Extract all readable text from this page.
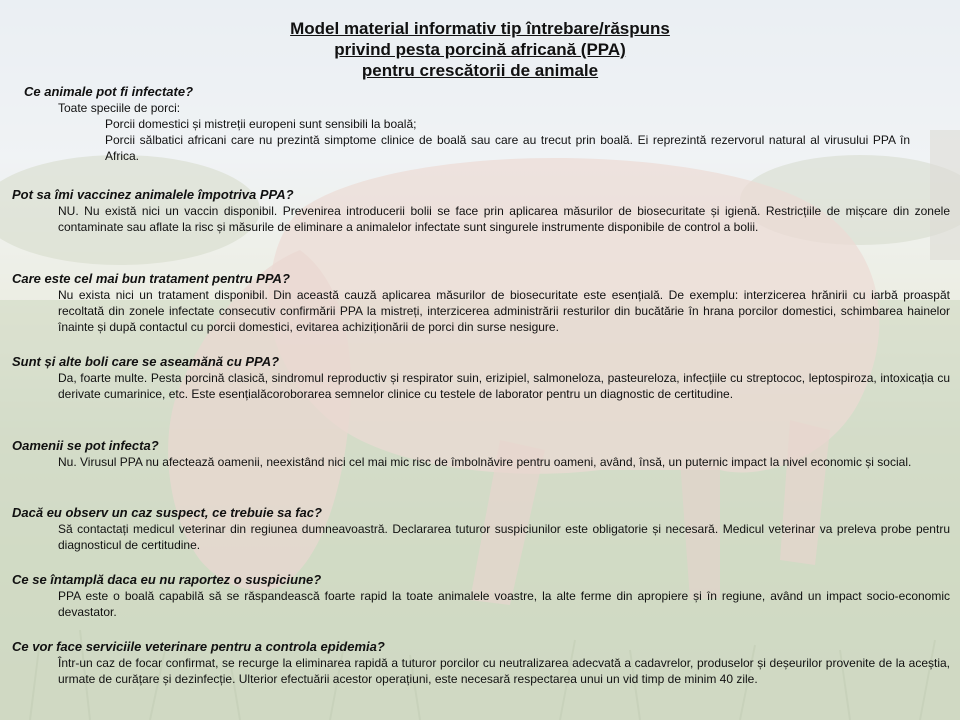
Model material informativ tip întrebare/răspuns
privind pesta porcină africană (PPA)
pentru crescătorii de animale

Ce animale pot fi infectate?

Toate speciile de porci:

Porcii domestici și mistreții europeni sunt sensibili la boală;

Porcii sălbatici africani care nu prezintă simptome clinice de boală sau care au trecut prin boală. Ei reprezintă rezervorul natural al virusului PPA în Africa.

Pot sa îmi vaccinez animalele împotriva PPA?

NU. Nu există nici un vaccin disponibil. Prevenirea introducerii bolii se face prin aplicarea măsurilor de biosecuritate și igienă. Restricțiile de mișcare din zonele contaminate sau aflate la risc și măsurile de eliminare a animalelor infectate sunt singurele instrumente disponibile de control a bolii.

Care este cel mai bun tratament pentru PPA?

Nu exista nici un tratament disponibil. Din această cauză aplicarea măsurilor de biosecuritate este esențială. De exemplu: interzicerea hrănirii cu iarbă proaspăt recoltată din zonele infectate consecutiv confirmării PPA la mistreți, interzicerea administrării resturilor din bucătărie în hrana porcilor domestici, schimbarea hainelor înainte și după contactul cu porcii domestici, evitarea achiziționării de porci din surse nesigure.

Sunt și alte boli care se aseamănă cu PPA?

Da, foarte multe. Pesta porcină clasică, sindromul reproductiv și respirator suin, erizipiel, salmoneloza, pasteureloza, infecțiile cu streptococ, leptospiroza, intoxicația cu derivate cumarinice, etc. Este esențialăcoroborarea semnelor clinice cu testele de laborator pentru un diagnostic de certitudine.

Oamenii se pot infecta?

Nu. Virusul PPA nu afectează oamenii, neexistând nici cel mai mic risc de îmbolnăvire pentru oameni, având, însă, un puternic impact la nivel economic și social.

Dacă eu observ un caz suspect, ce trebuie sa fac?

Să contactați medicul veterinar din regiunea dumneavoastră. Declararea tuturor suspiciunilor este obligatorie și necesară. Medicul veterinar va preleva probe pentru diagnosticul de certitudine.

Ce se întamplă daca eu nu raportez o suspiciune?

PPA este o boală capabilă să se răspandească foarte rapid la toate animalele voastre, la alte ferme din apropiere și în regiune, având un impact socio-economic devastator.

Ce vor face serviciile veterinare pentru a controla epidemia?

Într-un caz de focar confirmat, se recurge la eliminarea rapidă a tuturor porcilor cu neutralizarea adecvată a cadavrelor, produselor și deșeurilor provenite de la aceștia, urmate de curățare și dezinfecție. Ulterior efectuării acestor operațiuni, este necesară respectarea unui un vid timp de minim 40 zile.
